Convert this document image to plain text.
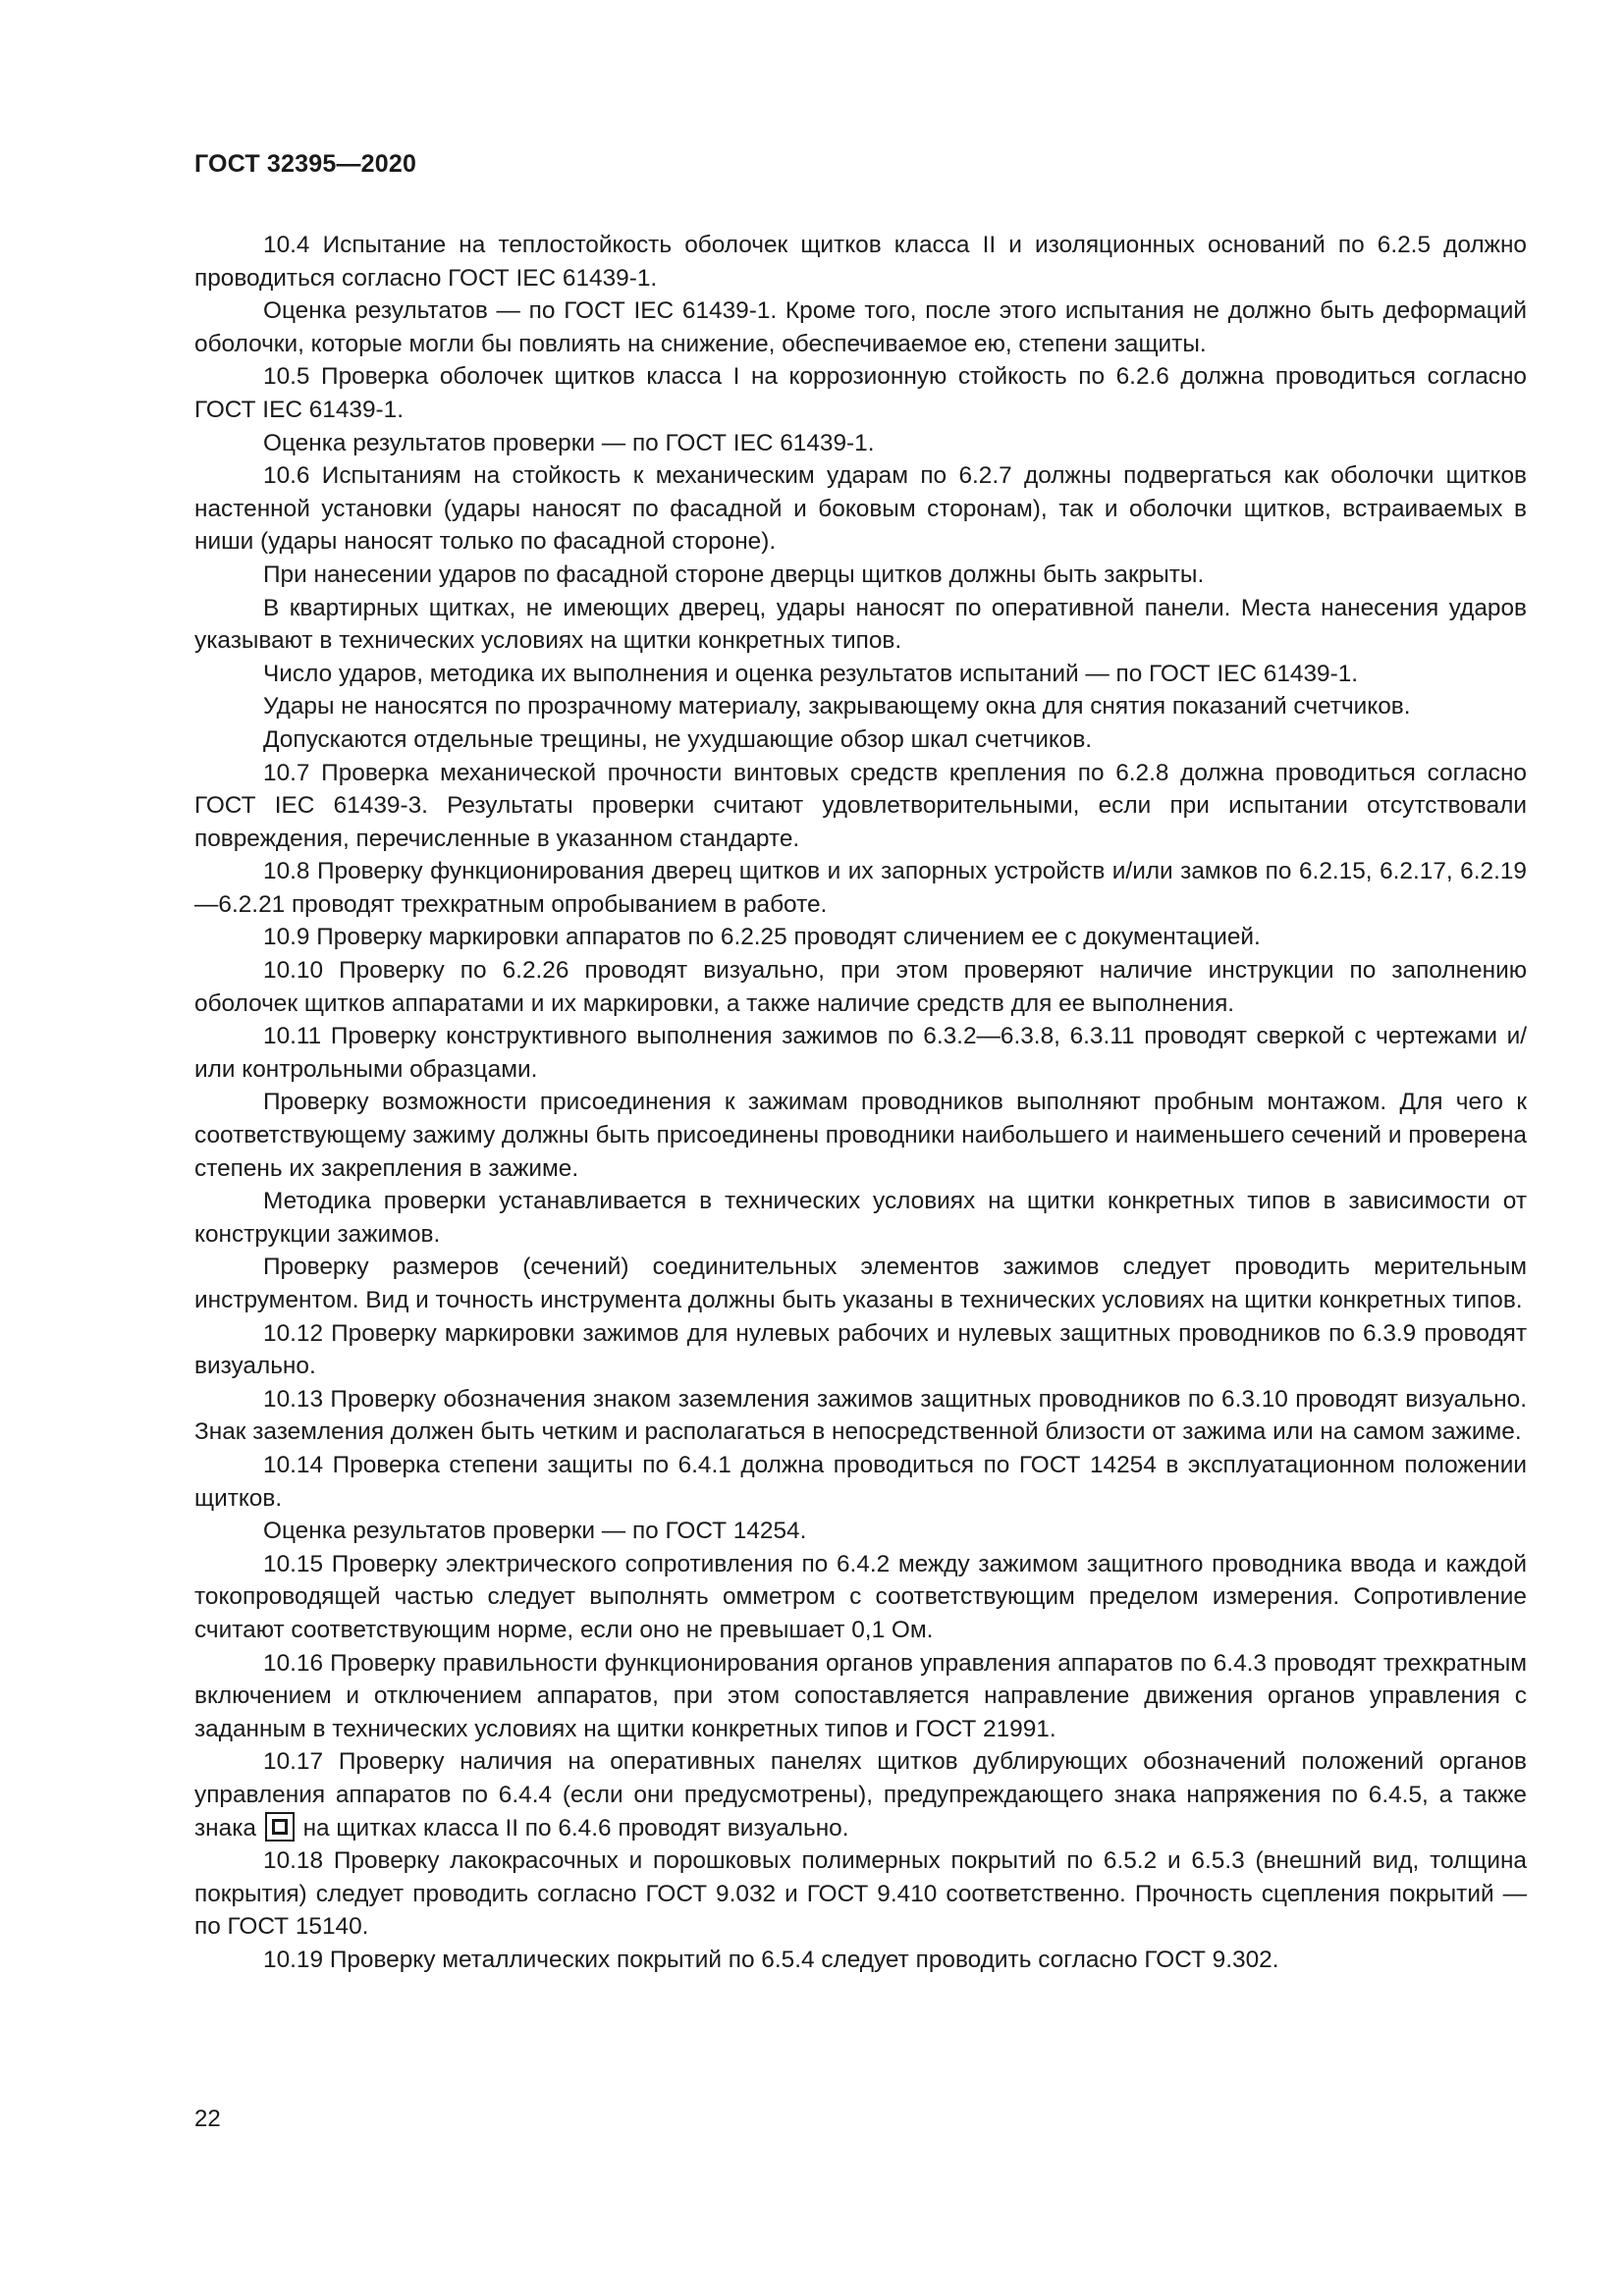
ГОСТ 32395—2020

10.4 Испытание на теплостойкость оболочек щитков класса II и изоляционных оснований по 6.2.5 должно проводиться согласно ГОСТ IEC 61439-1.

Оценка результатов — по ГОСТ IEC 61439-1. Кроме того, после этого испытания не должно быть деформаций оболочки, которые могли бы повлиять на снижение, обеспечиваемое ею, степени защиты.

10.5 Проверка оболочек щитков класса I на коррозионную стойкость по 6.2.6 должна проводиться согласно ГОСТ IEC 61439-1.

Оценка результатов проверки — по ГОСТ IEC 61439-1.

10.6 Испытаниям на стойкость к механическим ударам по 6.2.7 должны подвергаться как оболочки щитков настенной установки (удары наносят по фасадной и боковым сторонам), так и оболочки щитков, встраиваемых в ниши (удары наносят только по фасадной стороне).

При нанесении ударов по фасадной стороне дверцы щитков должны быть закрыты.

В квартирных щитках, не имеющих дверец, удары наносят по оперативной панели. Места нанесения ударов указывают в технических условиях на щитки конкретных типов.

Число ударов, методика их выполнения и оценка результатов испытаний — по ГОСТ IEC 61439-1.

Удары не наносятся по прозрачному материалу, закрывающему окна для снятия показаний счетчиков.

Допускаются отдельные трещины, не ухудшающие обзор шкал счетчиков.

10.7 Проверка механической прочности винтовых средств крепления по 6.2.8 должна проводиться согласно ГОСТ IEC 61439-3. Результаты проверки считают удовлетворительными, если при испытании отсутствовали повреждения, перечисленные в указанном стандарте.

10.8 Проверку функционирования дверец щитков и их запорных устройств и/или замков по 6.2.15, 6.2.17, 6.2.19—6.2.21 проводят трехкратным опробыванием в работе.

10.9 Проверку маркировки аппаратов по 6.2.25 проводят сличением ее с документацией.

10.10 Проверку по 6.2.26 проводят визуально, при этом проверяют наличие инструкции по заполнению оболочек щитков аппаратами и их маркировки, а также наличие средств для ее выполнения.

10.11 Проверку конструктивного выполнения зажимов по 6.3.2—6.3.8, 6.3.11 проводят сверкой с чертежами и/или контрольными образцами.

Проверку возможности присоединения к зажимам проводников выполняют пробным монтажом. Для чего к соответствующему зажиму должны быть присоединены проводники наибольшего и наименьшего сечений и проверена степень их закрепления в зажиме.

Методика проверки устанавливается в технических условиях на щитки конкретных типов в зависимости от конструкции зажимов.

Проверку размеров (сечений) соединительных элементов зажимов следует проводить мерительным инструментом. Вид и точность инструмента должны быть указаны в технических условиях на щитки конкретных типов.

10.12 Проверку маркировки зажимов для нулевых рабочих и нулевых защитных проводников по 6.3.9 проводят визуально.

10.13 Проверку обозначения знаком заземления зажимов защитных проводников по 6.3.10 проводят визуально. Знак заземления должен быть четким и располагаться в непосредственной близости от зажима или на самом зажиме.

10.14 Проверка степени защиты по 6.4.1 должна проводиться по ГОСТ 14254 в эксплуатационном положении щитков.

Оценка результатов проверки — по ГОСТ 14254.

10.15 Проверку электрического сопротивления по 6.4.2 между зажимом защитного проводника ввода и каждой токопроводящей частью следует выполнять омметром с соответствующим пределом измерения. Сопротивление считают соответствующим норме, если оно не превышает 0,1 Ом.

10.16 Проверку правильности функционирования органов управления аппаратов по 6.4.3 проводят трехкратным включением и отключением аппаратов, при этом сопоставляется направление движения органов управления с заданным в технических условиях на щитки конкретных типов и ГОСТ 21991.

10.17 Проверку наличия на оперативных панелях щитков дублирующих обозначений положений органов управления аппаратов по 6.4.4 (если они предусмотрены), предупреждающего знака напряжения по 6.4.5, а также знака на щитках класса II по 6.4.6 проводят визуально.

10.18 Проверку лакокрасочных и порошковых полимерных покрытий по 6.5.2 и 6.5.3 (внешний вид, толщина покрытия) следует проводить согласно ГОСТ 9.032 и ГОСТ 9.410 соответственно. Прочность сцепления покрытий — по ГОСТ 15140.

10.19 Проверку металлических покрытий по 6.5.4 следует проводить согласно ГОСТ 9.302.

22
